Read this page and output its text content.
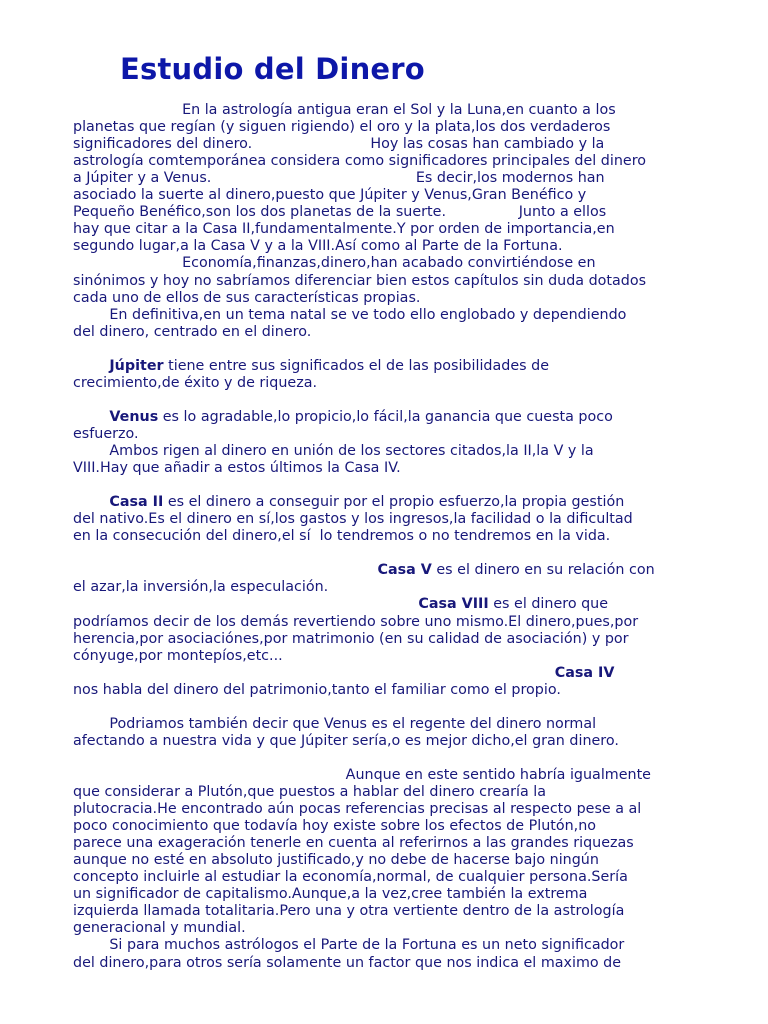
Estudio del Dinero
En la astrología antigua eran el Sol y la Luna,en cuanto a los
planetas que regían (y siguen rigiendo) el oro y la plata,los dos verdaderos
significadores del dinero.                          Hoy las cosas han cambiado y la
astrología comtemporánea considera como significadores principales del dinero
a Júpiter y a Venus.                                             Es decir,los modernos han
asociado la suerte al dinero,puesto que Júpiter y Venus,Gran Benéfico y
Pequeño Benéfico,son los dos planetas de la suerte.                Junto a ellos
hay que citar a la Casa II,fundamentalmente.Y por orden de importancia,en
segundo lugar,a la Casa V y a la VIII.Así como al Parte de la Fortuna.
Economía,finanzas,dinero,han acabado convirtiéndose en
sinónimos y hoy no sabríamos diferenciar bien estos capítulos sin duda dotados
cada uno de ellos de sus características propias.
En definitiva,en un tema natal se ve todo ello englobado y dependiendo
del dinero, centrado en el dinero.
Júpiter tiene entre sus significados el de las posibilidades de
crecimiento,de éxito y de riqueza.
Venus es lo agradable,lo propicio,lo fácil,la ganancia que cuesta poco
esfuerzo.
Ambos rigen al dinero en unión de los sectores citados,la II,la V y la
VIII.Hay que añadir a estos últimos la Casa IV.
Casa II es el dinero a conseguir por el propio esfuerzo,la propia gestión
del nativo.Es el dinero en sí,los gastos y los ingresos,la facilidad o la dificultad
en la consecución del dinero,el sí  lo tendremos o no tendremos en la vida.
Casa V es el dinero en su relación con
el azar,la inversión,la especulación.
Casa VIII es el dinero que
podríamos decir de los demás revertiendo sobre uno mismo.El dinero,pues,por
herencia,por asociaciónes,por matrimonio (en su calidad de asociación) y por
cónyuge,por montepíos,etc...
Casa IV
nos habla del dinero del patrimonio,tanto el familiar como el propio.
Podriamos también decir que Venus es el regente del dinero normal
afectando a nuestra vida y que Júpiter sería,o es mejor dicho,el gran dinero.
Aunque en este sentido habría igualmente
que considerar a Plutón,que puestos a hablar del dinero crearía la
plutocracia.He encontrado aún pocas referencias precisas al respecto pese a al
poco conocimiento que todavía hoy existe sobre los efectos de Plutón,no
parece una exageración tenerle en cuenta al referirnos a las grandes riquezas
aunque no esté en absoluto justificado,y no debe de hacerse bajo ningún
concepto incluirle al estudiar la economía,normal, de cualquier persona.Sería
un significador de capitalismo.Aunque,a la vez,cree también la extrema
izquierda llamada totalitaria.Pero una y otra vertiente dentro de la astrología
generacional y mundial.
Si para muchos astrólogos el Parte de la Fortuna es un neto significador
del dinero,para otros sería solamente un factor que nos indica el maximo de
